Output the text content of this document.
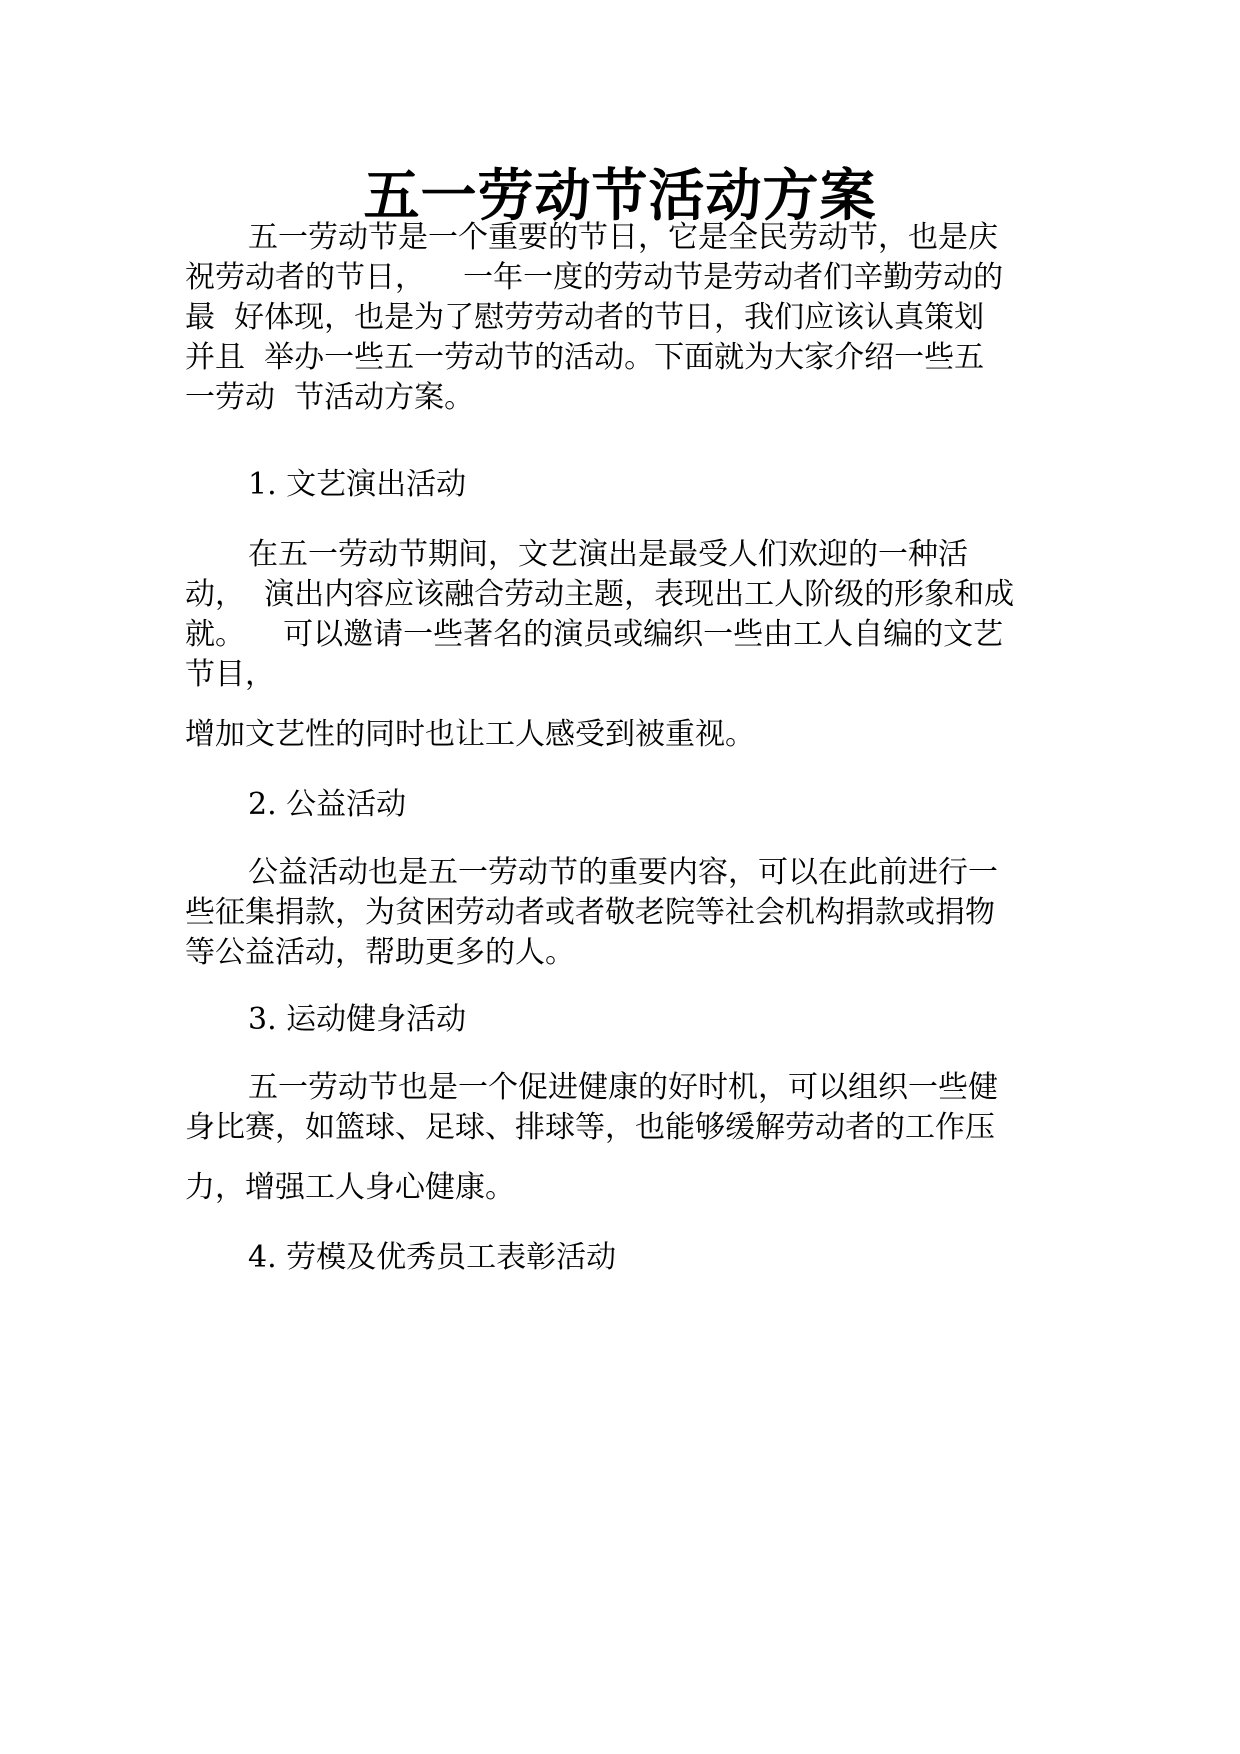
五一劳动节活动方案
五一劳动节是一个重要的节日，它是全民劳动节，也是庆
祝劳动者的节日，    一年一度的劳动节是劳动者们辛勤劳动的
最  好体现，也是为了慰劳劳动者的节日，我们应该认真策划
并且  举办一些五一劳动节的活动。下面就为大家介绍一些五
一劳动  节活动方案。
1. 文艺演出活动
在五一劳动节期间，文艺演出是最受人们欢迎的一种活
动，  演出内容应该融合劳动主题，表现出工人阶级的形象和成
就。    可以邀请一些著名的演员或编织一些由工人自编的文艺
节目，
增加文艺性的同时也让工人感受到被重视。
2. 公益活动
公益活动也是五一劳动节的重要内容，可以在此前进行一
些征集捐款，为贫困劳动者或者敬老院等社会机构捐款或捐物
等公益活动，帮助更多的人。
3. 运动健身活动
五一劳动节也是一个促进健康的好时机，可以组织一些健
身比赛，如篮球、足球、排球等，也能够缓解劳动者的工作压
力，增强工人身心健康。
4. 劳模及优秀员工表彰活动
